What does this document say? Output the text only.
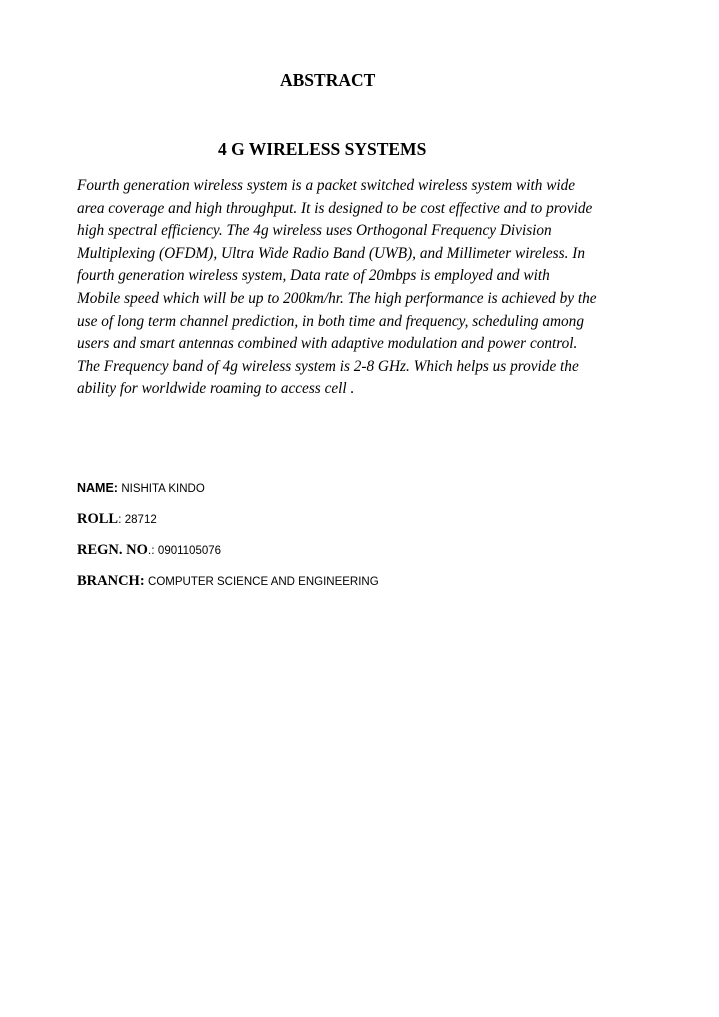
ABSTRACT
4 G WIRELESS SYSTEMS
Fourth generation wireless system is a packet switched wireless system with wide
area coverage and high throughput. It is designed to be cost effective and to provide
high spectral efficiency. The 4g wireless uses Orthogonal Frequency Division
Multiplexing (OFDM), Ultra Wide Radio Band (UWB), and Millimeter wireless. In
fourth generation wireless system, Data rate of 20mbps is employed and with
Mobile speed which will be up to 200km/hr. The high performance is achieved by the
use of long term channel prediction, in both time and frequency, scheduling among
users and smart antennas combined with adaptive modulation and power control.
The Frequency band of 4g wireless system is 2-8 GHz. Which helps us provide the
ability for worldwide roaming to access cell .
NAME: NISHITA KINDO
ROLL: 28712
REGN. NO.: 0901105076
BRANCH: COMPUTER SCIENCE AND ENGINEERING
